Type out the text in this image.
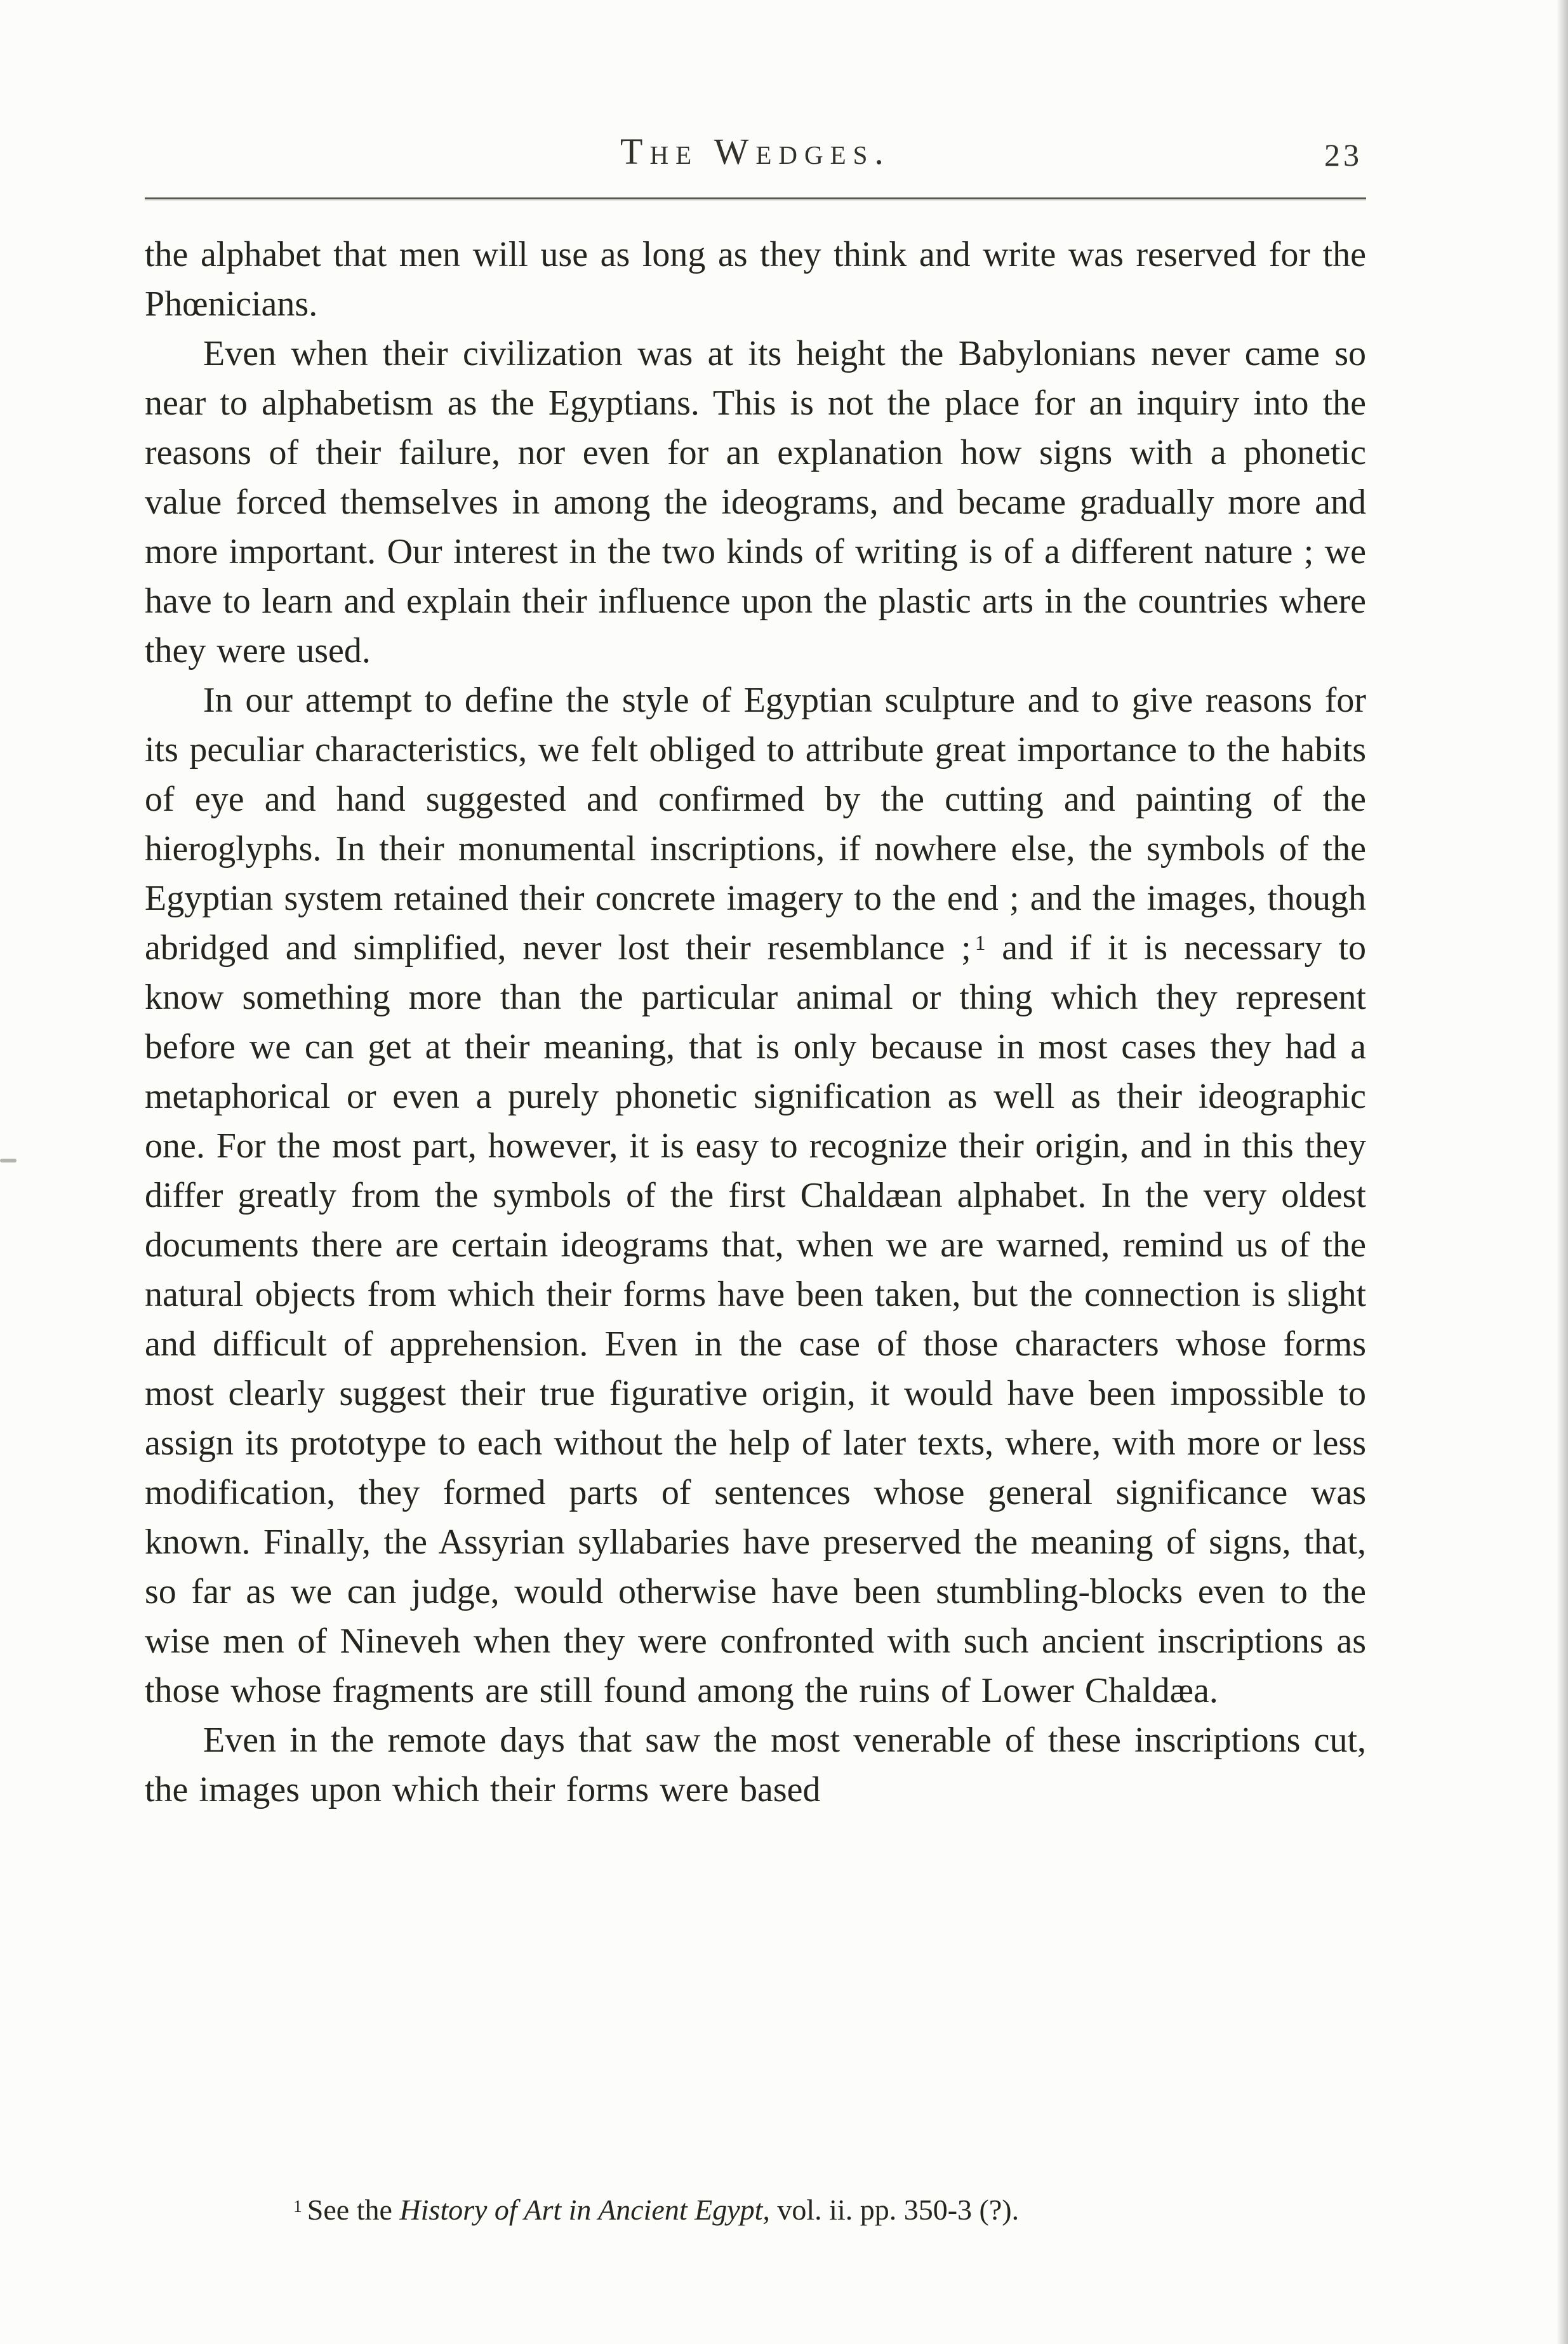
The Wedges.	23

the alphabet that men will use as long as they think and write was reserved for the Phœnicians.

Even when their civilization was at its height the Babylonians never came so near to alphabetism as the Egyptians. This is not the place for an inquiry into the reasons of their failure, nor even for an explanation how signs with a phonetic value forced themselves in among the ideograms, and became gradually more and more important. Our interest in the two kinds of writing is of a different nature ; we have to learn and explain their influence upon the plastic arts in the countries where they were used.

In our attempt to define the style of Egyptian sculpture and to give reasons for its peculiar characteristics, we felt obliged to attribute great importance to the habits of eye and hand suggested and confirmed by the cutting and painting of the hieroglyphs. In their monumental inscriptions, if nowhere else, the symbols of the Egyptian system retained their concrete imagery to the end ; and the images, though abridged and simplified, never lost their resemblance ; $^1$ and if it is necessary to know something more than the particular animal or thing which they represent before we can get at their meaning, that is only because in most cases they had a metaphorical or even a purely phonetic signification as well as their ideographic one. For the most part, however, it is easy to recognize their origin, and in this they differ greatly from the symbols of the first Chaldæan alphabet. In the very oldest documents there are certain ideograms that, when we are warned, remind us of the natural objects from which their forms have been taken, but the connection is slight and difficult of apprehension. Even in the case of those characters whose forms most clearly suggest their true figurative origin, it would have been impossible to assign its prototype to each without the help of later texts, where, with more or less modification, they formed parts of sentences whose general significance was known. Finally, the Assyrian syllabaries have preserved the meaning of signs, that, so far as we can judge, would otherwise have been stumbling-blocks even to the wise men of Nineveh when they were confronted with such ancient inscriptions as those whose fragments are still found among the ruins of Lower Chaldæa.

Even in the remote days that saw the most venerable of these inscriptions cut, the images upon which their forms were based

$^1$ See the History of Art in Ancient Egypt, vol. ii. pp. 350-3 (?).
